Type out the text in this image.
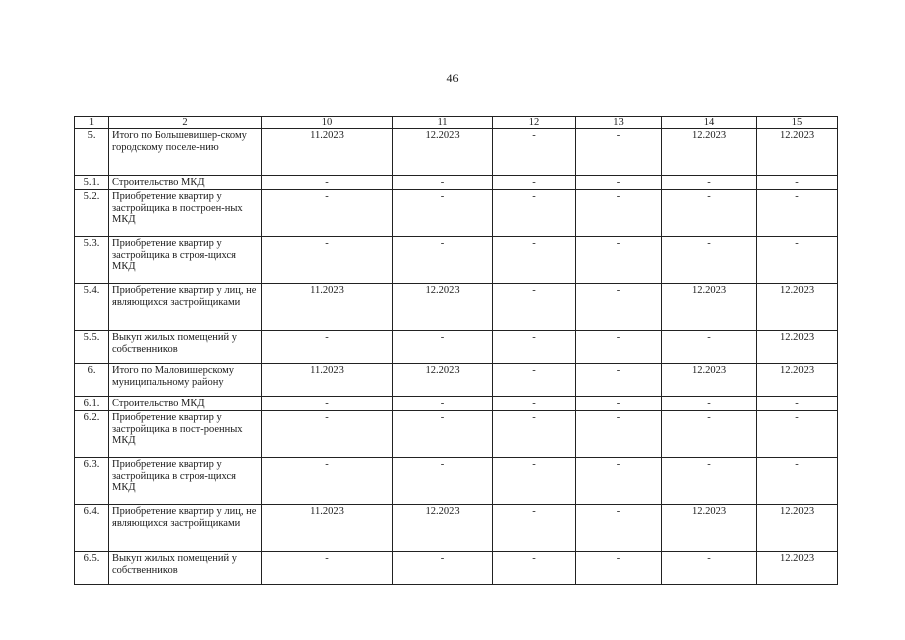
46
1	2	10	11	12	13	14	15
5.	Итого по Большевишер-скому городскому поселе-нию	11.2023	12.2023	-	-	12.2023	12.2023
5.1.	Строительство МКД	-	-	-	-	-	-
5.2.	Приобретение квартир у застройщика в построен-ных МКД	-	-	-	-	-	-
5.3.	Приобретение квартир у застройщика в строя-щихся МКД	-	-	-	-	-	-
5.4.	Приобретение квартир у лиц, не являющихся застройщиками	11.2023	12.2023	-	-	12.2023	12.2023
5.5.	Выкуп жилых помещений у собственников	-	-	-	-	-	12.2023
6.	Итого по Маловишерскому муниципальному району	11.2023	12.2023	-	-	12.2023	12.2023
6.1.	Строительство МКД	-	-	-	-	-	-
6.2.	Приобретение квартир у застройщика в пост-роенных МКД	-	-	-	-	-	-
6.3.	Приобретение квартир у застройщика в строя-щихся МКД	-	-	-	-	-	-
6.4.	Приобретение квартир у лиц, не являющихся застройщиками	11.2023	12.2023	-	-	12.2023	12.2023
6.5.	Выкуп жилых помещений у собственников	-	-	-	-	-	12.2023
